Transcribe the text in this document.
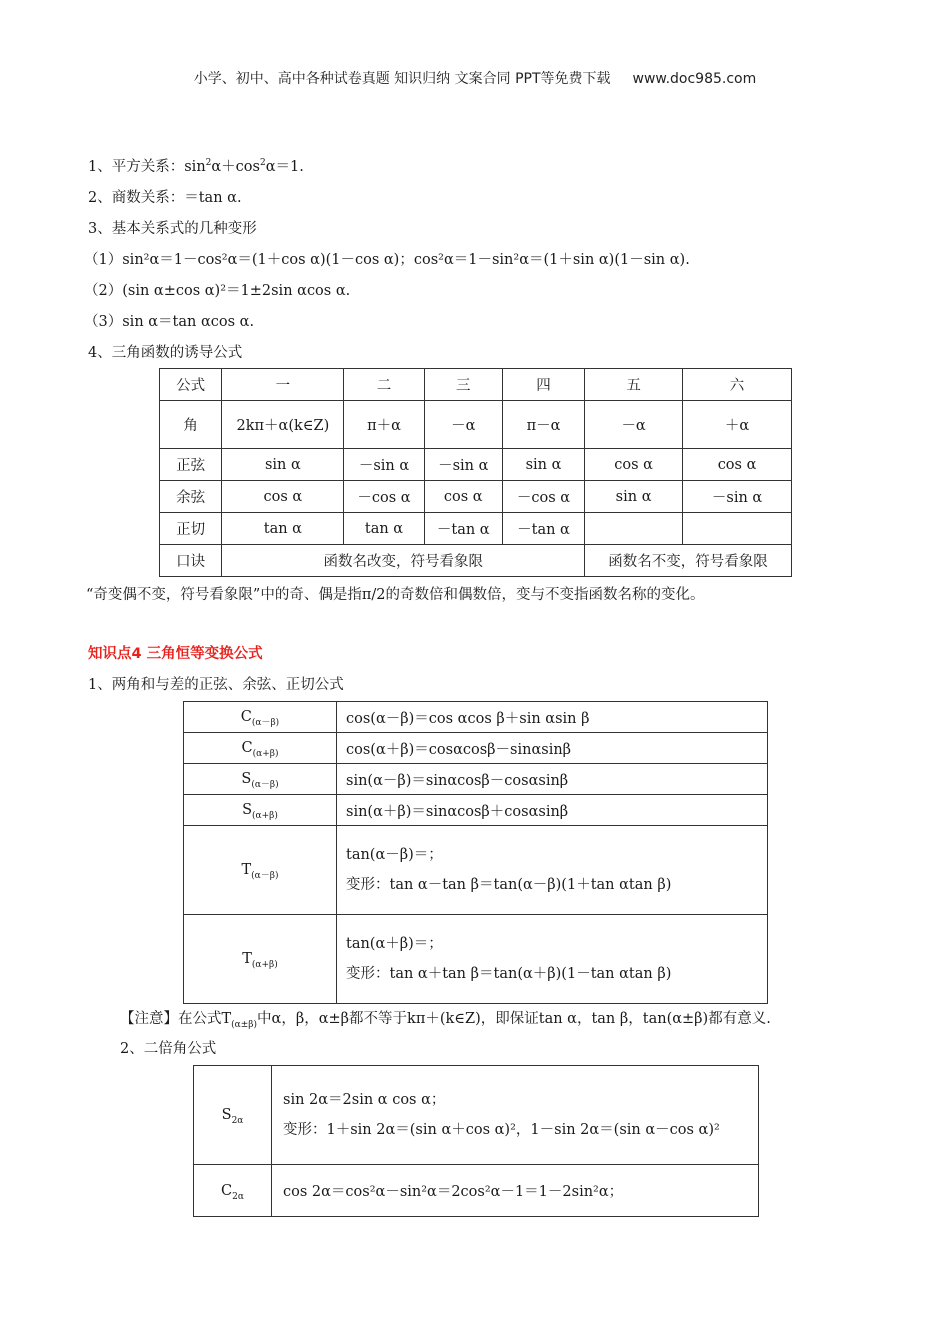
小学、初中、高中各种试卷真题 知识归纳 文案合同 PPT等免费下载 www.doc985.com
1、平方关系：$\sin^2\alpha+\cos^2\alpha=1$.
2、商数关系：＝tan α.
3、基本关系式的几种变形
（1）sin²α＝1－cos²α＝(1＋cos α)(1－cos α)；cos²α＝1－sin²α＝(1＋sin α)(1－sin α).
（2）(sin α±cos α)²＝1±2sin αcos α.
（3）sin α＝tan αcos α.
4、三角函数的诱导公式
公式	一	二	三	四	五	六
角	2kπ＋α(k∈Z)	π＋α	－α	π－α	－α	＋α
正弦	sin α	－sin α	－sin α	sin α	cos α	cos α
余弦	cos α	－cos α	cos α	－cos α	sin α	－sin α
正切	tan α	tan α	－tan α	－tan α		
口诀	函数名改变，符号看象限				函数名不变，符号看象限	
“奇变偶不变，符号看象限”中的奇、偶是指π/2的奇数倍和偶数倍，变与不变指函数名称的变化。
知识点4 三角恒等变换公式
1、两角和与差的正弦、余弦、正切公式
$C_{(\alpha-\beta)}$	cos(α－β)＝cos αcos β＋sin αsin β
$C_{(\alpha+\beta)}$	cos(α＋β)＝cosαcosβ－sinαsinβ
$S_{(\alpha-\beta)}$	sin(α－β)＝sinαcosβ－cosαsinβ
$S_{(\alpha+\beta)}$	sin(α＋β)＝sinαcosβ＋cosαsinβ
$T_{(\alpha-\beta)}$	tan(α－β)＝；
变形：tan α－tan β＝tan(α－β)(1＋tan αtan β)

$T_{(\alpha+\beta)}$	tan(α＋β)＝；
变形：tan α＋tan β＝tan(α＋β)(1－tan αtan β)
【注意】在公式$T_{(\alpha\pm\beta)}$中α，β，α±β都不等于kπ＋(k∈Z)，即保证tan α，tan β，tan(α±β)都有意义.
2、二倍角公式
$S_{2\alpha}$	sin 2α＝2sin α cos α；
变形：1＋sin 2α＝(sin α＋cos α)²，1－sin 2α＝(sin α－cos α)²

$C_{2\alpha}$	cos 2α＝cos²α－sin²α＝2cos²α－1＝1－2sin²α；
